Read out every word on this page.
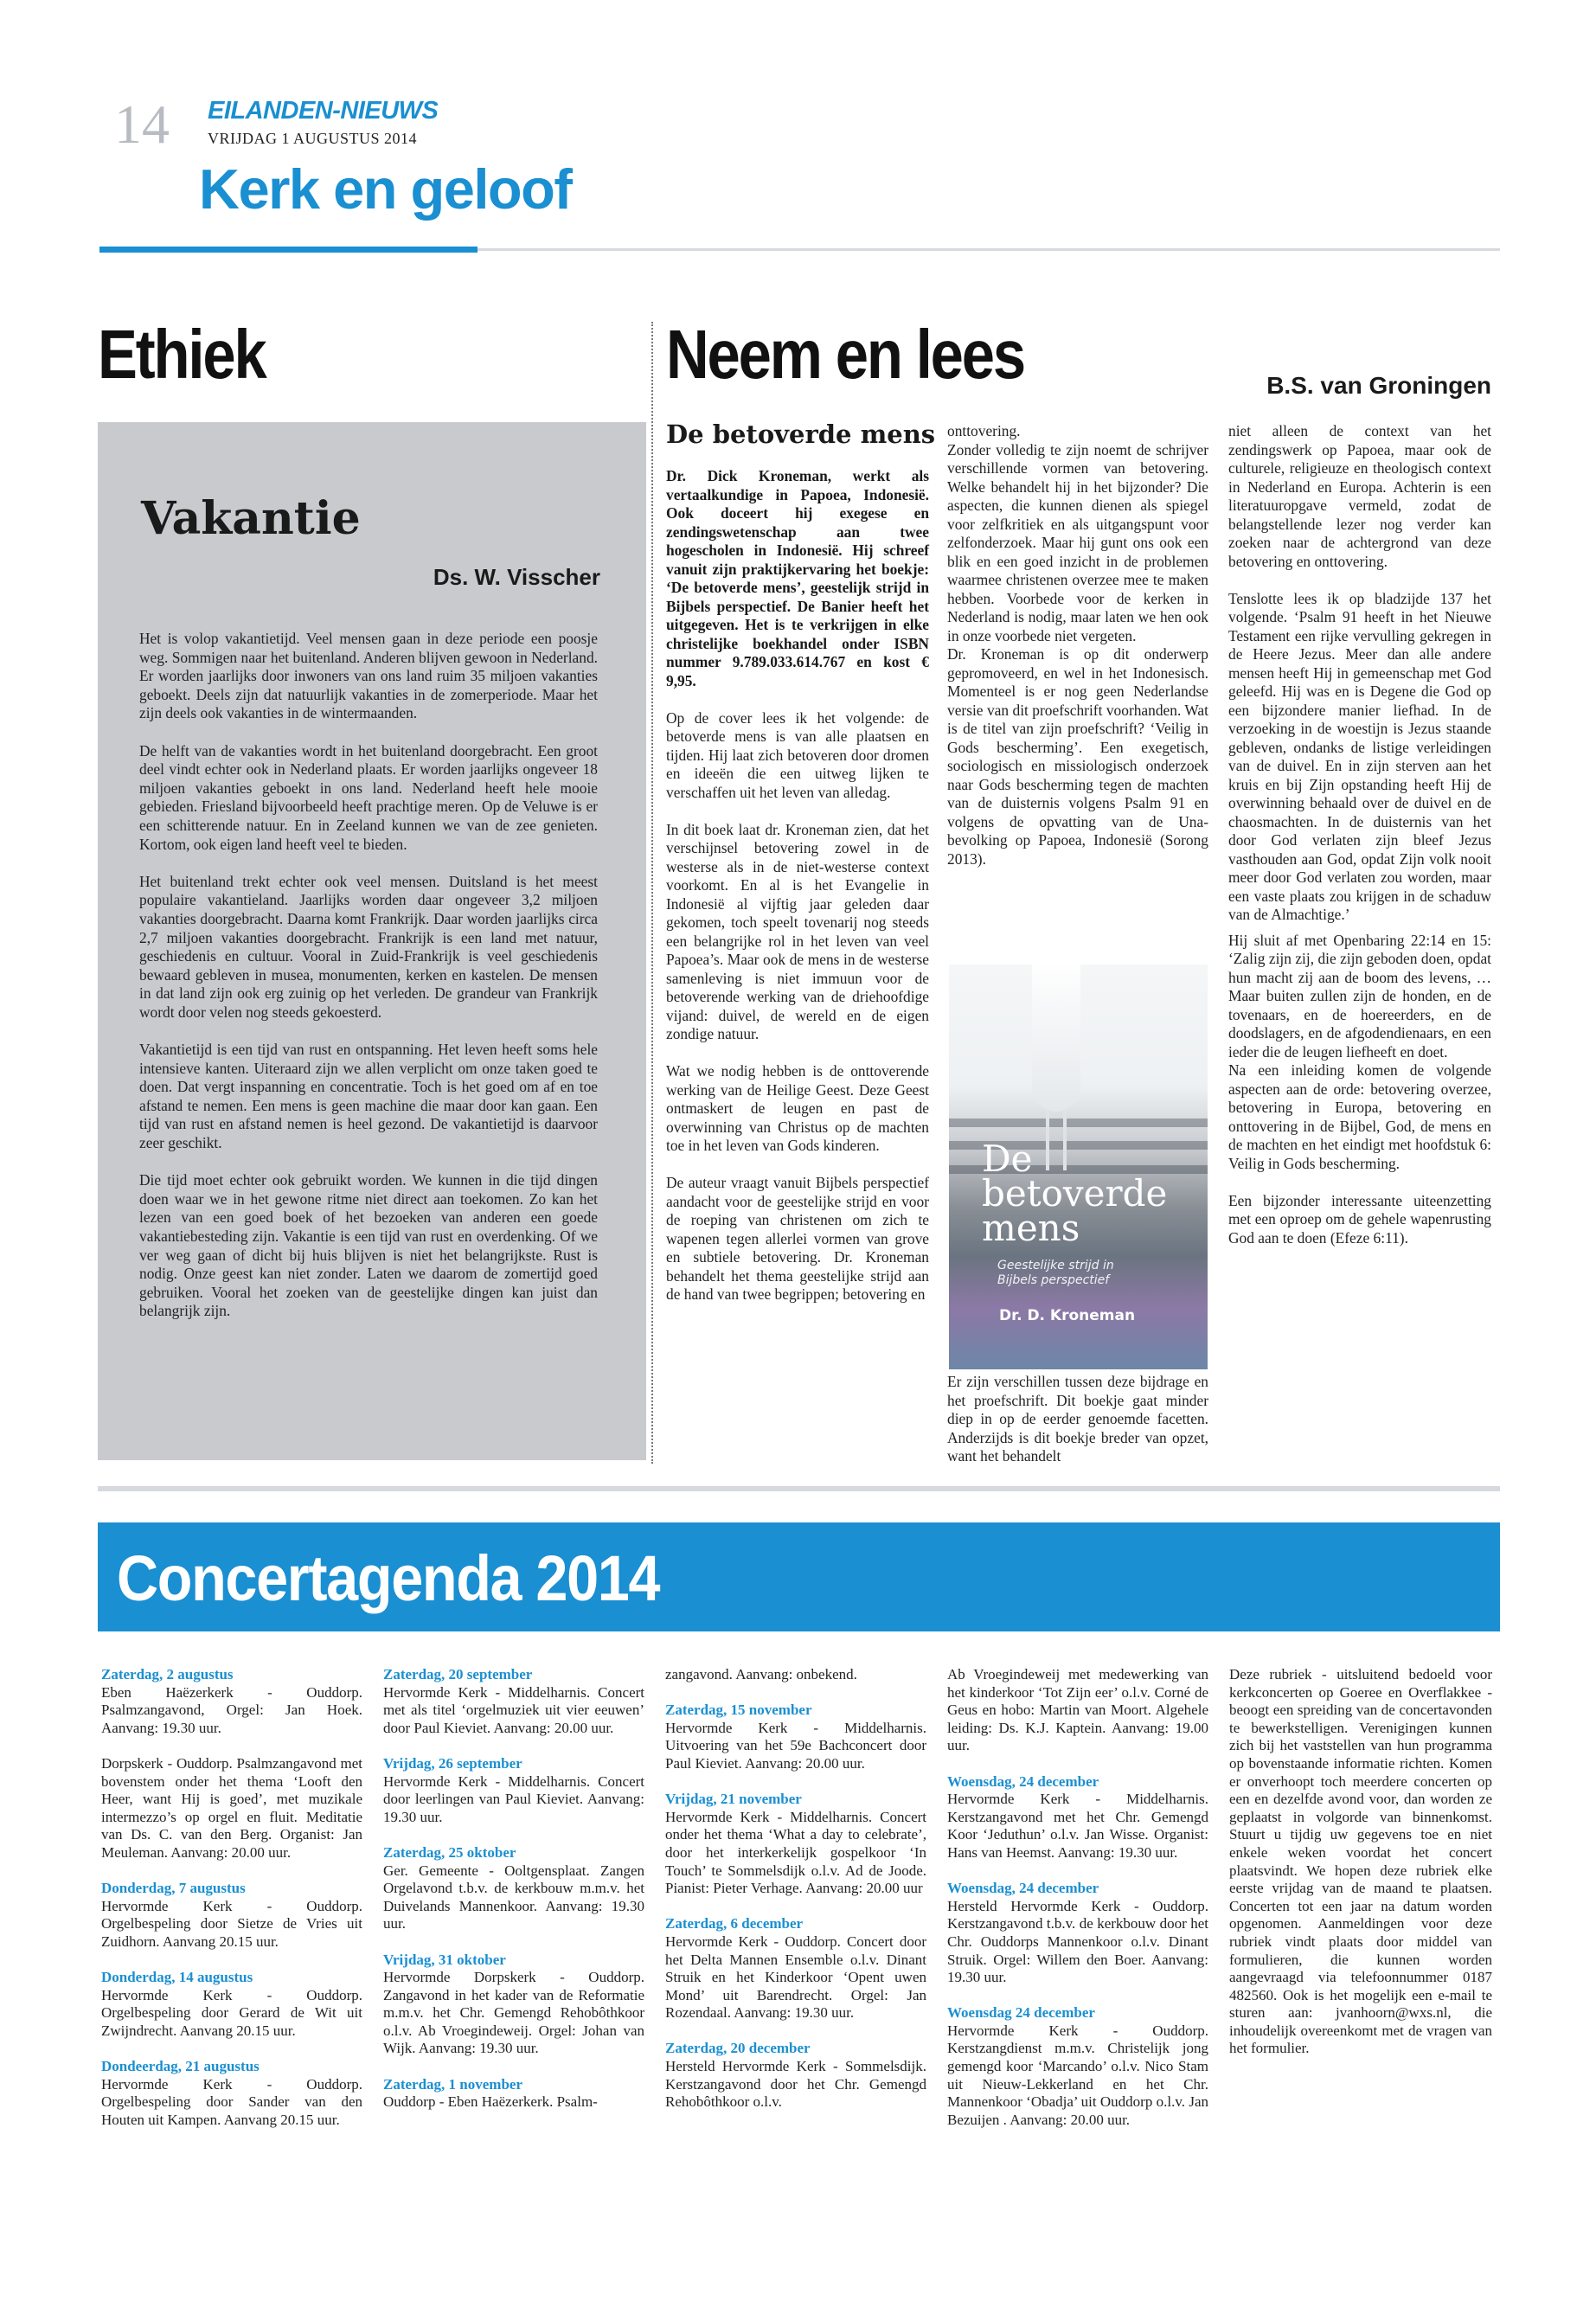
14 EILANDEN-NIEUWS
VRIJDAG 1 AUGUSTUS 2014
Kerk en geloof
Ethiek
Vakantie
Ds. W. Visscher

Het is volop vakantietijd. Veel mensen gaan in deze periode een poosje weg. Sommigen naar het buitenland. Anderen blijven gewoon in Nederland. Er worden jaarlijks door inwoners van ons land ruim 35 miljoen vakanties geboekt. Deels zijn dat natuurlijk vakanties in de zomerperiode. Maar het zijn deels ook vakanties in de wintermaanden.

De helft van de vakanties wordt in het buitenland doorgebracht. Een groot deel vindt echter ook in Nederland plaats. Er worden jaarlijks ongeveer 18 miljoen vakanties geboekt in ons land. Nederland heeft hele mooie gebieden. Friesland bijvoorbeeld heeft prachtige meren. Op de Veluwe is er een schitterende natuur. En in Zeeland kunnen we van de zee genieten. Kortom, ook eigen land heeft veel te bieden.

Het buitenland trekt echter ook veel mensen. Duitsland is het meest populaire vakantieland. Jaarlijks worden daar ongeveer 3,2 miljoen vakanties doorgebracht. Daarna komt Frankrijk. Daar worden jaarlijks circa 2,7 miljoen vakanties doorgebracht. Frankrijk is een land met natuur, geschiedenis en cultuur. Vooral in Zuid-Frankrijk is veel geschiedenis bewaard gebleven in musea, monumenten, kerken en kastelen. De mensen in dat land zijn ook erg zuinig op het verleden. De grandeur van Frankrijk wordt door velen nog steeds gekoesterd.

Vakantietijd is een tijd van rust en ontspanning. Het leven heeft soms hele intensieve kanten. Uiteraard zijn we allen verplicht om onze taken goed te doen. Dat vergt inspanning en concentratie. Toch is het goed om af en toe afstand te nemen. Een mens is geen machine die maar door kan gaan. Een tijd van rust en afstand nemen is heel gezond. De vakantietijd is daarvoor zeer geschikt.

Die tijd moet echter ook gebruikt worden. We kunnen in die tijd dingen doen waar we in het gewone ritme niet direct aan toekomen. Zo kan het lezen van een goed boek of het bezoeken van anderen een goede vakantiebesteding zijn. Vakantie is een tijd van rust en overdenking. Of we ver weg gaan of dicht bij huis blijven is niet het belangrijkste. Rust is nodig. Onze geest kan niet zonder. Laten we daarom de zomertijd goed gebruiken. Vooral het zoeken van de geestelijke dingen kan juist dan belangrijk zijn.

Neem en lees	B.S. van Groningen
De betoverde mens

Dr. Dick Kroneman, werkt als vertaalkundige in Papoea, Indonesië. Ook doceert hij exegese en zendingswetenschap aan twee hogescholen in Indonesië. Hij schreef vanuit zijn praktijkervaring het boekje: ‘De betoverde mens’, geestelijk strijd in Bijbels perspectief. De Banier heeft het uitgegeven. Het is te verkrijgen in elke christelijke boekhandel onder ISBN nummer 9.789.033.614.767 en kost € 9,95.

Op de cover lees ik het volgende: de betoverde mens is van alle plaatsen en tijden. Hij laat zich betoveren door dromen en ideeën die een uitweg lijken te verschaffen uit het leven van alledag.

In dit boek laat dr. Kroneman zien, dat het verschijnsel betovering zowel in de westerse als in de niet-westerse context voorkomt. En al is het Evangelie in Indonesië al vijftig jaar geleden daar gekomen, toch speelt tovenarij nog steeds een belangrijke rol in het leven van veel Papoea’s. Maar ook de mens in de westerse samenleving is niet immuun voor de betoverende werking van de driehoofdige vijand: duivel, de wereld en de eigen zondige natuur.

Wat we nodig hebben is de onttoverende werking van de Heilige Geest. Deze Geest ontmaskert de leugen en past de overwinning van Christus op de machten toe in het leven van Gods kinderen.

De auteur vraagt vanuit Bijbels perspectief aandacht voor de geestelijke strijd en voor de roeping van christenen om zich te wapenen tegen allerlei vormen van grove en subtiele betovering. Dr. Kroneman behandelt het thema geestelijke strijd aan de hand van twee begrippen; betovering en

onttovering.

Zonder volledig te zijn noemt de schrijver verschillende vormen van betovering. Welke behandelt hij in het bijzonder? Die aspecten, die kunnen dienen als spiegel voor zelfkritiek en als uitgangspunt voor zelfonderzoek. Maar hij gunt ons ook een blik en een goed inzicht in de problemen waarmee christenen overzee mee te maken hebben. Voorbede voor de kerken in Nederland is nodig, maar laten we hen ook in onze voorbede niet vergeten.

Dr. Kroneman is op dit onderwerp gepromoveerd, en wel in het Indonesisch. Momenteel is er nog geen Nederlandse versie van dit proefschrift voorhanden. Wat is de titel van zijn proefschrift? ‘Veilig in Gods bescherming’. Een exegetisch, sociologisch en missiologisch onderzoek naar Gods bescherming tegen de machten van de duisternis volgens Psalm 91 en volgens de opvatting van de Una-bevolking op Papoea, Indonesië (Sorong 2013).

De
betoverde
mens
Geestelijke strijd in
Bijbels perspectief
Dr. D. Kroneman
Er zijn verschillen tussen deze bijdrage en het proefschrift. Dit boekje gaat minder diep in op de eerder genoemde facetten. Anderzijds is dit boekje breder van opzet, want het behandelt

niet alleen de context van het zendingswerk op Papoea, maar ook de culturele, religieuze en theologisch context in Nederland en Europa. Achterin is een literatuuropgave vermeld, zodat de belangstellende lezer nog verder kan zoeken naar de achtergrond van deze betovering en onttovering.

Tenslotte lees ik op bladzijde 137 het volgende. ‘Psalm 91 heeft in het Nieuwe Testament een rijke vervulling gekregen in de Heere Jezus. Meer dan alle andere mensen heeft Hij in gemeenschap met God geleefd. Hij was en is Degene die God op een bijzondere manier liefhad. In de verzoeking in de woestijn is Jezus staande gebleven, ondanks de listige verleidingen van de duivel. En in zijn sterven aan het kruis en bij Zijn opstanding heeft Hij de overwinning behaald over de duivel en de chaosmachten. In de duisternis van het door God verlaten zijn bleef Jezus vasthouden aan God, opdat Zijn volk nooit meer door God verlaten zou worden, maar een vaste plaats zou krijgen in de schaduw van de Almachtige.’

Hij sluit af met Openbaring 22:14 en 15: ‘Zalig zijn zij, die zijn geboden doen, opdat hun macht zij aan de boom des levens, … Maar buiten zullen zijn de honden, en de tovenaars, en de hoereerders, en de doodslagers, en de afgodendienaars, en een ieder die de leugen liefheeft en doet.

Na een inleiding komen de volgende aspecten aan de orde: betovering overzee, betovering in Europa, betovering en onttovering in de Bijbel, God, de mens en de machten en het eindigt met hoofdstuk 6: Veilig in Gods bescherming.

Een bijzonder interessante uiteenzetting met een oproep om de gehele wapenrusting God aan te doen (Efeze 6:11).

Concertagenda 2014

Zaterdag, 2 augustus
Eben Haëzerkerk - Ouddorp. Psalmzangavond, Orgel: Jan Hoek. Aanvang: 19.30 uur.

Dorpskerk - Ouddorp. Psalmzangavond met bovenstem onder het thema ‘Looft den Heer, want Hij is goed’, met muzikale intermezzo’s op orgel en fluit. Meditatie van Ds. C. van den Berg. Organist: Jan Meuleman. Aanvang: 20.00 uur.

Donderdag, 7 augustus
Hervormde Kerk - Ouddorp. Orgelbespeling door Sietze de Vries uit Zuidhorn. Aanvang 20.15 uur.

Donderdag, 14 augustus
Hervormde Kerk - Ouddorp. Orgelbespeling door Gerard de Wit uit Zwijndrecht. Aanvang 20.15 uur.

Dondeerdag, 21 augustus
Hervormde Kerk - Ouddorp. Orgelbespeling door Sander van den Houten uit Kampen. Aanvang 20.15 uur.

Zaterdag, 20 september
Hervormde Kerk - Middelharnis. Concert met als titel ‘orgelmuziek uit vier eeuwen’ door Paul Kieviet. Aanvang: 20.00 uur.

Vrijdag, 26 september
Hervormde Kerk - Middelharnis. Concert door leerlingen van Paul Kieviet. Aanvang: 19.30 uur.

Zaterdag, 25 oktober
Ger. Gemeente - Ooltgensplaat. Zangen Orgelavond t.b.v. de kerkbouw m.m.v. het Duivelands Mannenkoor. Aanvang: 19.30 uur.

Vrijdag, 31 oktober
Hervormde Dorpskerk - Ouddorp. Zangavond in het kader van de Reformatie m.m.v. het Chr. Gemengd Rehobôthkoor o.l.v. Ab Vroegindeweij. Orgel: Johan van Wijk. Aanvang: 19.30 uur.

Zaterdag, 1 november
Ouddorp - Eben Haëzerkerk. Psalm-

zangavond. Aanvang: onbekend.

Zaterdag, 15 november
Hervormde Kerk - Middelharnis. Uitvoering van het 59e Bachconcert door Paul Kieviet. Aanvang: 20.00 uur.

Vrijdag, 21 november
Hervormde Kerk - Middelharnis. Concert onder het thema ‘What a day to celebrate’, door het interkerkelijk gospelkoor ‘In Touch’ te Sommelsdijk o.l.v. Ad de Joode. Pianist: Pieter Verhage. Aanvang: 20.00 uur

Zaterdag, 6 december
Hervormde Kerk - Ouddorp. Concert door het Delta Mannen Ensemble o.l.v. Dinant Struik en het Kinderkoor ‘Opent uwen Mond’ uit Barendrecht. Orgel: Jan Rozendaal. Aanvang: 19.30 uur.

Zaterdag, 20 december
Hersteld Hervormde Kerk - Sommelsdijk. Kerstzangavond door het Chr. Gemengd Rehobôthkoor o.l.v.

Ab Vroegindeweij met medewerking van het kinderkoor ‘Tot Zijn eer’ o.l.v. Corné de Geus en hobo: Martin van Moort. Algehele leiding: Ds. K.J. Kaptein. Aanvang: 19.00 uur.

Woensdag, 24 december
Hervormde Kerk - Middelharnis. Kerstzangavond met het Chr. Gemengd Koor ‘Jeduthun’ o.l.v. Jan Wisse. Organist: Hans van Heemst. Aanvang: 19.30 uur.

Woensdag, 24 december
Hersteld Hervormde Kerk - Ouddorp. Kerstzangavond t.b.v. de kerkbouw door het Chr. Ouddorps Mannenkoor o.l.v. Dinant Struik. Orgel: Willem den Boer. Aanvang: 19.30 uur.

Woensdag 24 december
Hervormde Kerk - Ouddorp. Kerstzangdienst m.m.v. Christelijk jong gemengd koor ‘Marcando’ o.l.v. Nico Stam uit Nieuw-Lekkerland en het Chr. Mannenkoor ‘Obadja’ uit Ouddorp o.l.v. Jan Bezuijen . Aanvang: 20.00 uur.

Deze rubriek - uitsluitend bedoeld voor kerkconcerten op Goeree en Overflakkee - beoogt een spreiding van de concertavonden te bewerkstelligen. Verenigingen kunnen zich bij het vaststellen van hun programma op bovenstaande informatie richten. Komen er onverhoopt toch meerdere concerten op een en dezelfde avond voor, dan worden ze geplaatst in volgorde van binnenkomst. Stuurt u tijdig uw gegevens toe en niet enkele weken voordat het concert plaatsvindt. We hopen deze rubriek elke eerste vrijdag van de maand te plaatsen. Concerten tot een jaar na datum worden opgenomen. Aanmeldingen voor deze rubriek vindt plaats door middel van formulieren, die kunnen worden aangevraagd via telefoonnummer 0187 482560. Ook is het mogelijk een e-mail te sturen aan: jvanhoorn@wxs.nl, die inhoudelijk overeenkomt met de vragen van het formulier.
